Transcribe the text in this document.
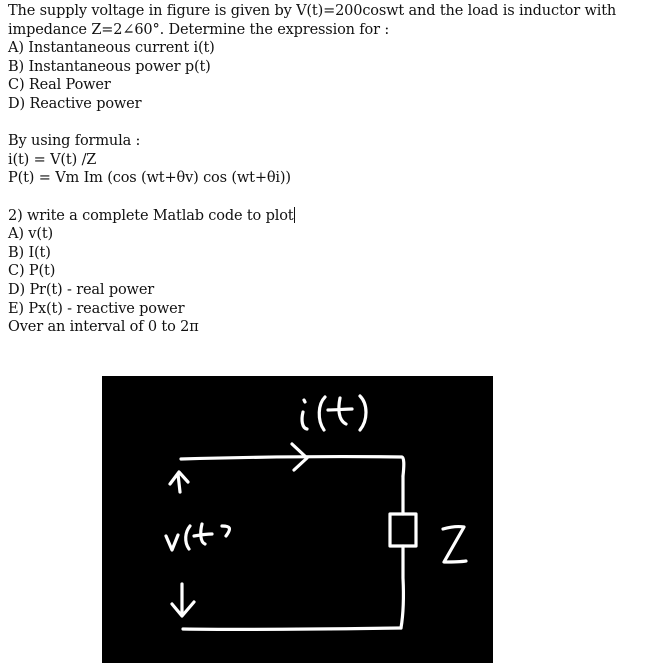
The supply voltage in figure is given by V(t)=200coswt and the load is inductor with
impedance Z=2∠60°. Determine the expression for :
A) Instantaneous current i(t)
B) Instantaneous power p(t)
C) Real Power
D) Reactive power
By using formula :
i(t) = V(t) /Z
P(t) = Vm Im (cos (wt+θv) cos (wt+θi))
2) write a complete Matlab code to plot
A) v(t)
B) I(t)
C) P(t)
D) Pr(t) - real power
E) Px(t) - reactive power
Over an interval of 0 to 2π
